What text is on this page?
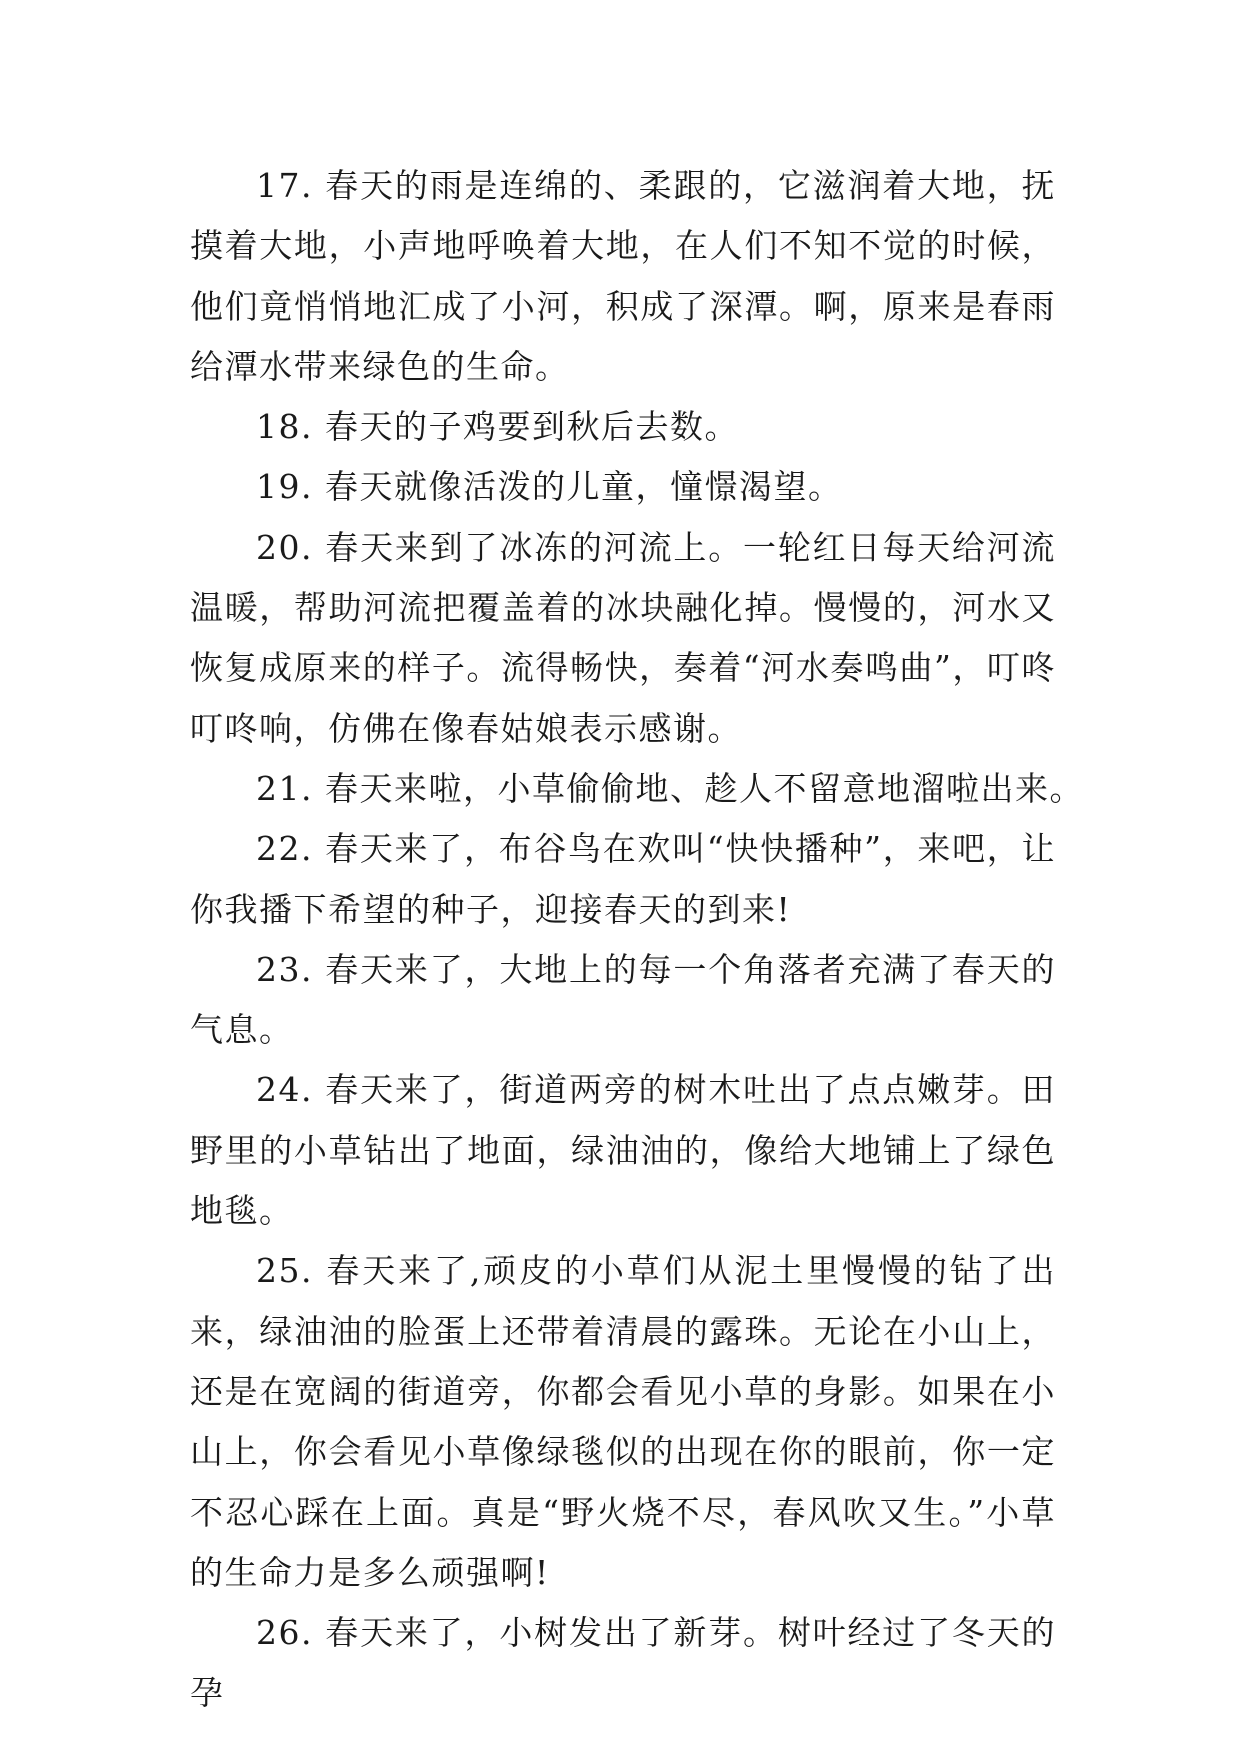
17. 春天的雨是连绵的、柔跟的，它滋润着大地，抚摸着大地，小声地呼唤着大地，在人们不知不觉的时候，他们竟悄悄地汇成了小河，积成了深潭。啊，原来是春雨给潭水带来绿色的生命。

18. 春天的子鸡要到秋后去数。

19. 春天就像活泼的儿童，憧憬渴望。

20. 春天来到了冰冻的河流上。一轮红日每天给河流温暖，帮助河流把覆盖着的冰块融化掉。慢慢的，河水又恢复成原来的样子。流得畅快，奏着“河水奏鸣曲”，叮咚叮咚响，仿佛在像春姑娘表示感谢。

21. 春天来啦，小草偷偷地、趁人不留意地溜啦出来。

22. 春天来了，布谷鸟在欢叫“快快播种”，来吧，让你我播下希望的种子，迎接春天的到来!

23. 春天来了，大地上的每一个角落者充满了春天的气息。

24. 春天来了，街道两旁的树木吐出了点点嫩芽。田野里的小草钻出了地面，绿油油的，像给大地铺上了绿色地毯。

25. 春天来了,顽皮的小草们从泥土里慢慢的钻了出来，绿油油的脸蛋上还带着清晨的露珠。无论在小山上，还是在宽阔的街道旁，你都会看见小草的身影。如果在小山上，你会看见小草像绿毯似的出现在你的眼前，你一定不忍心踩在上面。真是“野火烧不尽，春风吹又生。”小草的生命力是多么顽强啊!

26. 春天来了，小树发出了新芽。树叶经过了冬天的孕
